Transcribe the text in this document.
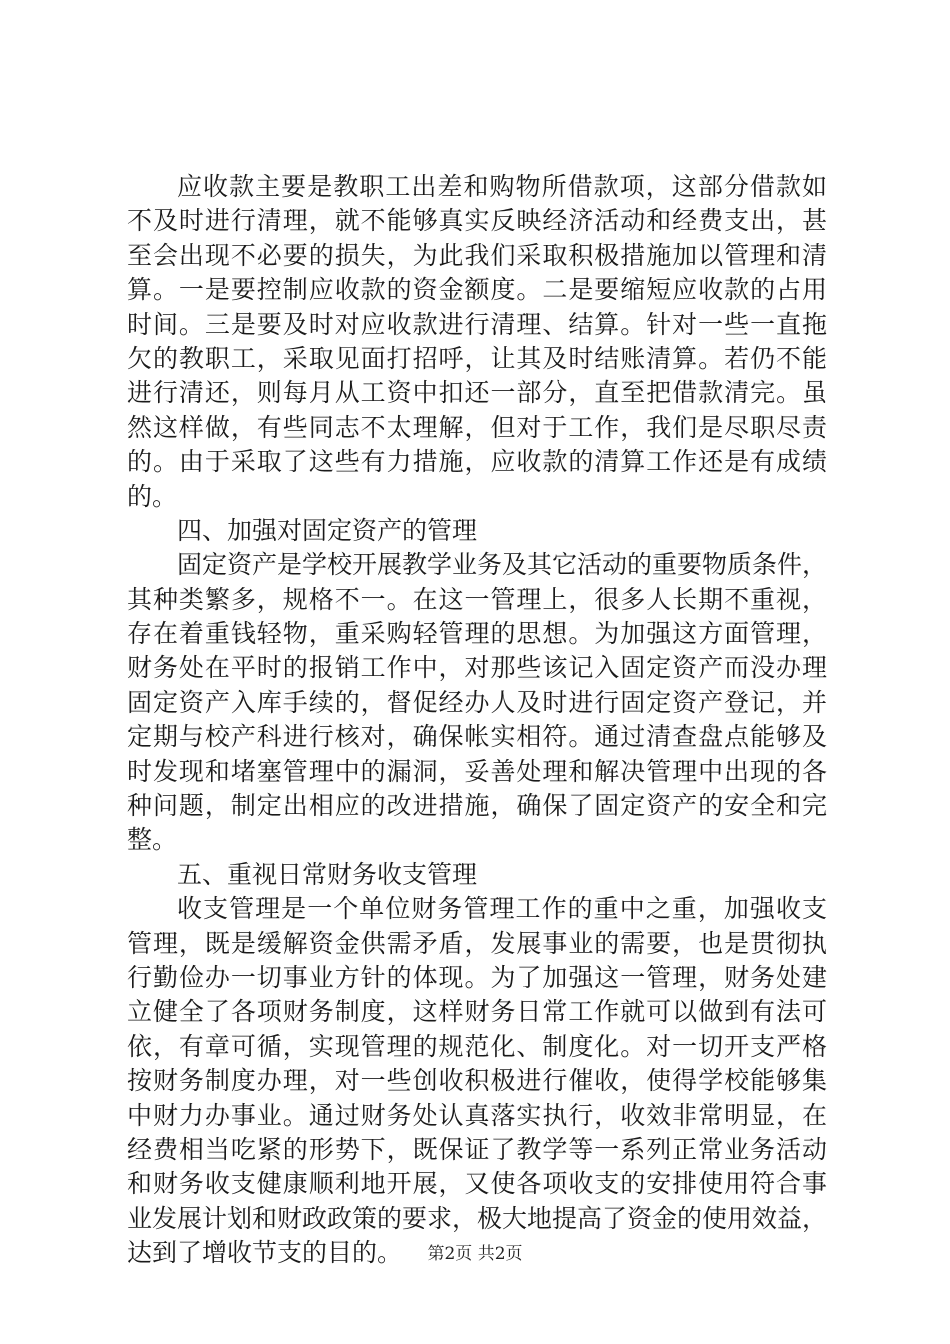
应收款主要是教职工出差和购物所借款项，这部分借款如
不及时进行清理，就不能够真实反映经济活动和经费支出，甚
至会出现不必要的损失，为此我们采取积极措施加以管理和清
算。一是要控制应收款的资金额度。二是要缩短应收款的占用
时间。三是要及时对应收款进行清理、结算。针对一些一直拖
欠的教职工，采取见面打招呼，让其及时结账清算。若仍不能
进行清还，则每月从工资中扣还一部分，直至把借款清完。虽
然这样做，有些同志不太理解，但对于工作，我们是尽职尽责
的。由于采取了这些有力措施，应收款的清算工作还是有成绩
的。
四、加强对固定资产的管理
固定资产是学校开展教学业务及其它活动的重要物质条件，
其种类繁多，规格不一。在这一管理上，很多人长期不重视，
存在着重钱轻物，重采购轻管理的思想。为加强这方面管理，
财务处在平时的报销工作中，对那些该记入固定资产而没办理
固定资产入库手续的，督促经办人及时进行固定资产登记，并
定期与校产科进行核对，确保帐实相符。通过清查盘点能够及
时发现和堵塞管理中的漏洞，妥善处理和解决管理中出现的各
种问题，制定出相应的改进措施，确保了固定资产的安全和完
整。
五、重视日常财务收支管理
收支管理是一个单位财务管理工作的重中之重，加强收支
管理，既是缓解资金供需矛盾，发展事业的需要，也是贯彻执
行勤俭办一切事业方针的体现。为了加强这一管理，财务处建
立健全了各项财务制度，这样财务日常工作就可以做到有法可
依，有章可循，实现管理的规范化、制度化。对一切开支严格
按财务制度办理，对一些创收积极进行催收，使得学校能够集
中财力办事业。通过财务处认真落实执行，收效非常明显，在
经费相当吃紧的形势下，既保证了教学等一系列正常业务活动
和财务收支健康顺利地开展，又使各项收支的安排使用符合事
业发展计划和财政政策的要求，极大地提高了资金的使用效益，
达到了增收节支的目的。	第2页 共2页
